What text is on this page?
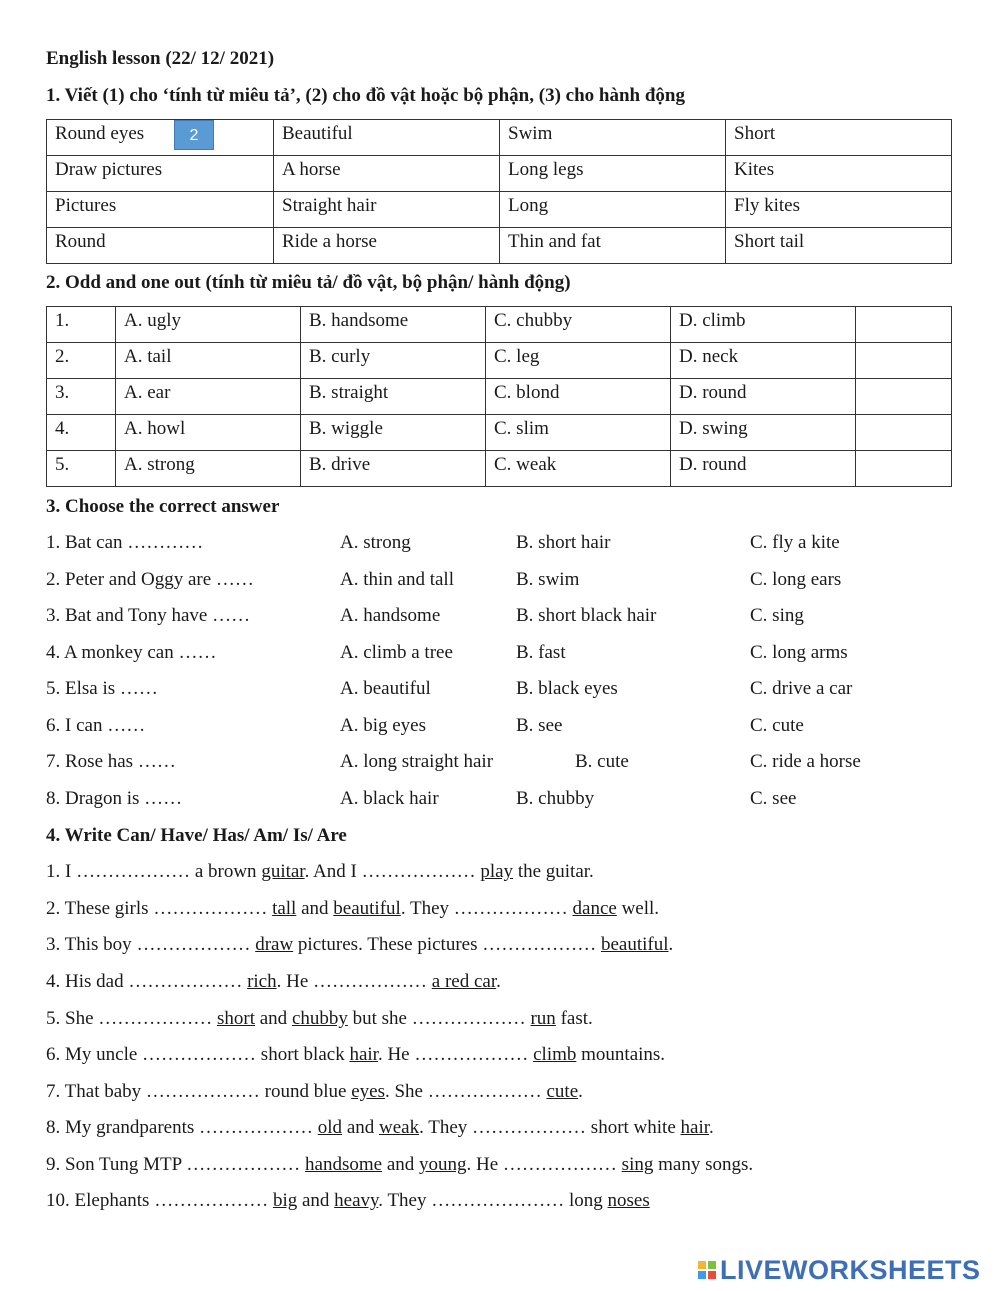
English lesson (22/ 12/ 2021)
1. Viết (1) cho ‘tính từ miêu tả’, (2) cho đồ vật hoặc bộ phận, (3) cho hành động
Round eyes	Beautiful	Swim	Short
Draw pictures	A horse	Long legs	Kites
Pictures	Straight hair	Long	Fly kites
Round	Ride a horse	Thin and fat	Short tail
2
2. Odd and one out (tính từ miêu tả/ đồ vật, bộ phận/ hành động)
1.	A. ugly	B. handsome	C. chubby	D. climb	
2.	A. tail	B. curly	C. leg	D. neck	
3.	A. ear	B. straight	C. blond	D. round	
4.	A. howl	B. wiggle	C. slim	D. swing	
5.	A. strong	B. drive	C. weak	D. round	
3. Choose the correct answer
1. Bat can …………	A. strong	B. short hair	C. fly a kite
2. Peter and Oggy are ……	A. thin and tall	B. swim	C. long ears
3. Bat and Tony have ……	A. handsome	B. short black hair	C. sing
4. A monkey can ……	A. climb a tree	B. fast	C. long arms
5. Elsa is ……	A. beautiful	B. black eyes	C. drive a car
6. I can ……	A. big eyes	B. see	C. cute
7. Rose has ……	A. long straight hair	B. cute	C. ride a horse
8. Dragon is ……	A. black hair	B. chubby	C. see
4. Write Can/ Have/ Has/ Am/ Is/ Are
1. I ……………… a brown guitar. And I ……………… play the guitar.
2. These girls ……………… tall and beautiful. They ……………… dance well.
3. This boy ……………… draw pictures. These pictures ……………… beautiful.
4. His dad ……………… rich. He ……………… a red car.
5. She ……………… short and chubby but she ……………… run fast.
6. My uncle ……………… short black hair. He ……………… climb mountains.
7. That baby ……………… round blue eyes. She ……………… cute.
8. My grandparents ……………… old and weak. They ……………… short white hair.
9. Son Tung MTP ……………… handsome and young. He ……………… sing many songs.
10. Elephants ……………… big and heavy. They ………………… long noses
LIVEWORKSHEETS
